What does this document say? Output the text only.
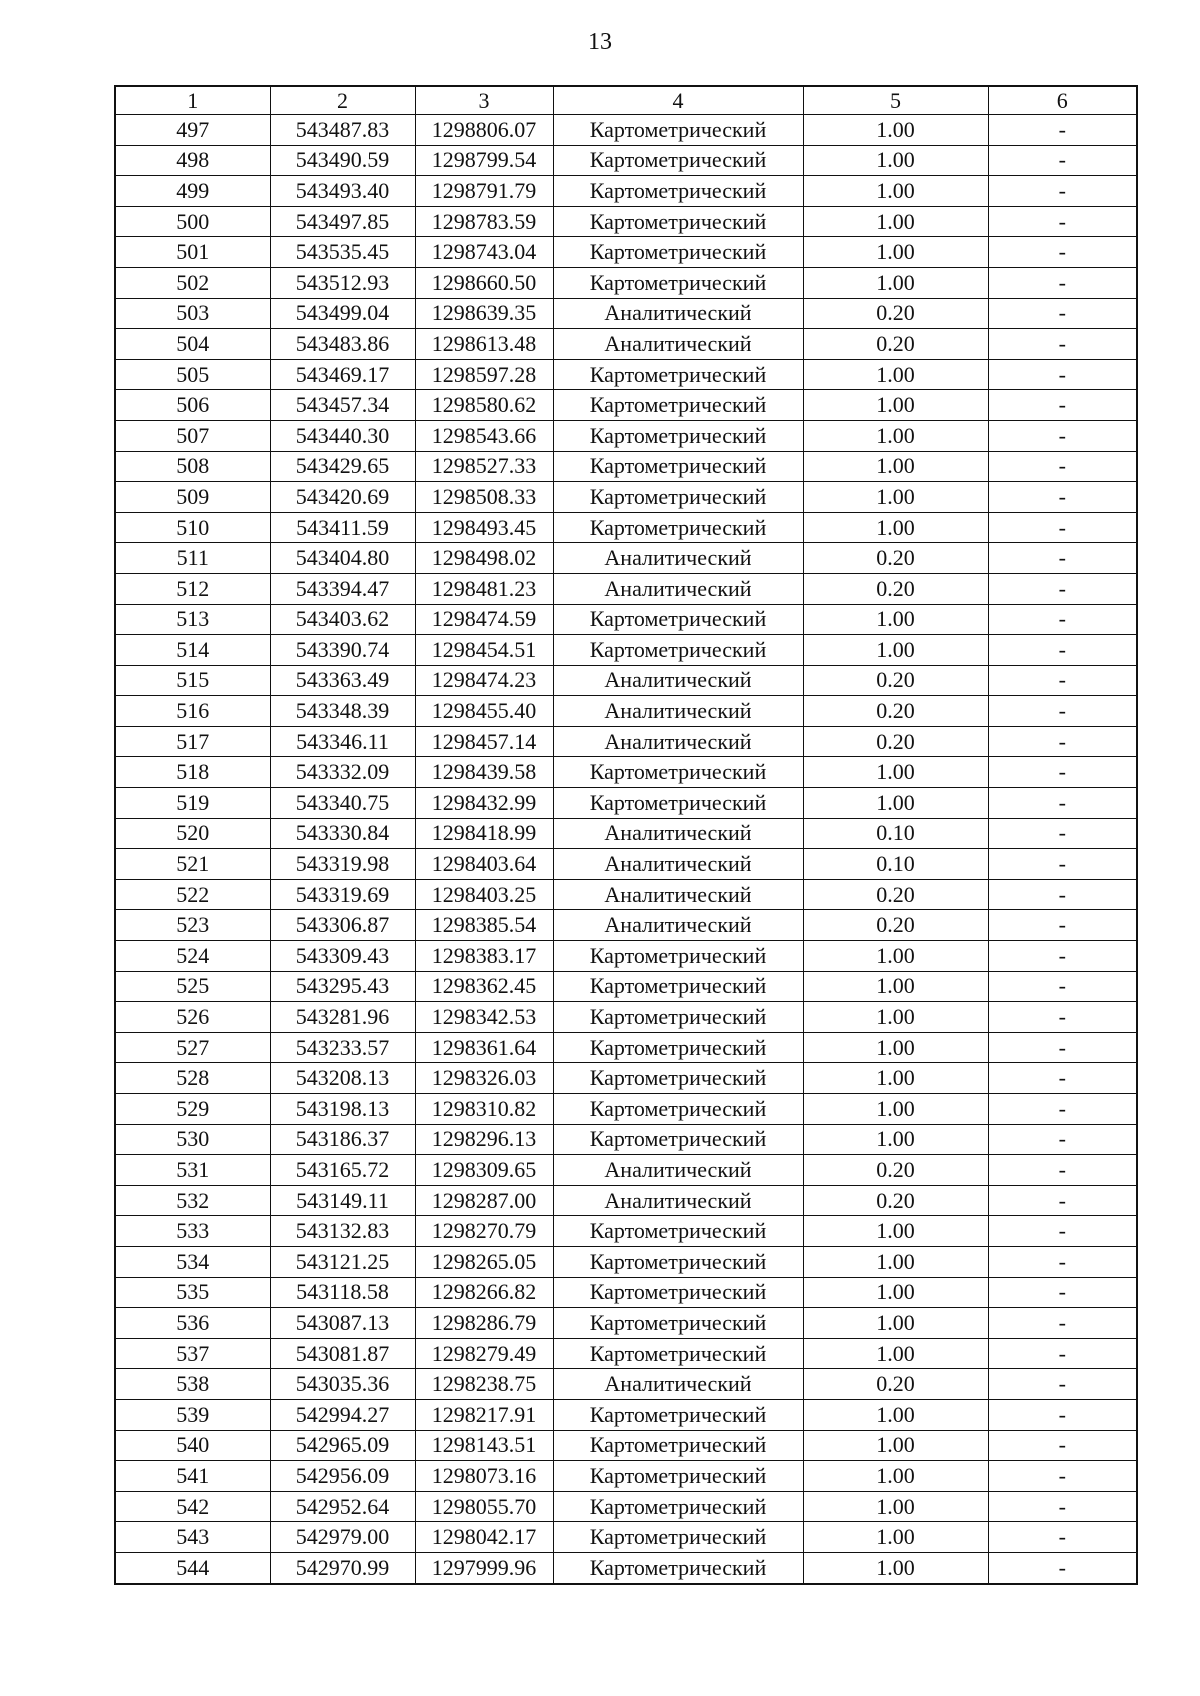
13
1	2	3	4	5	6
497	543487.83	1298806.07	Картометрический	1.00	-
498	543490.59	1298799.54	Картометрический	1.00	-
499	543493.40	1298791.79	Картометрический	1.00	-
500	543497.85	1298783.59	Картометрический	1.00	-
501	543535.45	1298743.04	Картометрический	1.00	-
502	543512.93	1298660.50	Картометрический	1.00	-
503	543499.04	1298639.35	Аналитический	0.20	-
504	543483.86	1298613.48	Аналитический	0.20	-
505	543469.17	1298597.28	Картометрический	1.00	-
506	543457.34	1298580.62	Картометрический	1.00	-
507	543440.30	1298543.66	Картометрический	1.00	-
508	543429.65	1298527.33	Картометрический	1.00	-
509	543420.69	1298508.33	Картометрический	1.00	-
510	543411.59	1298493.45	Картометрический	1.00	-
511	543404.80	1298498.02	Аналитический	0.20	-
512	543394.47	1298481.23	Аналитический	0.20	-
513	543403.62	1298474.59	Картометрический	1.00	-
514	543390.74	1298454.51	Картометрический	1.00	-
515	543363.49	1298474.23	Аналитический	0.20	-
516	543348.39	1298455.40	Аналитический	0.20	-
517	543346.11	1298457.14	Аналитический	0.20	-
518	543332.09	1298439.58	Картометрический	1.00	-
519	543340.75	1298432.99	Картометрический	1.00	-
520	543330.84	1298418.99	Аналитический	0.10	-
521	543319.98	1298403.64	Аналитический	0.10	-
522	543319.69	1298403.25	Аналитический	0.20	-
523	543306.87	1298385.54	Аналитический	0.20	-
524	543309.43	1298383.17	Картометрический	1.00	-
525	543295.43	1298362.45	Картометрический	1.00	-
526	543281.96	1298342.53	Картометрический	1.00	-
527	543233.57	1298361.64	Картометрический	1.00	-
528	543208.13	1298326.03	Картометрический	1.00	-
529	543198.13	1298310.82	Картометрический	1.00	-
530	543186.37	1298296.13	Картометрический	1.00	-
531	543165.72	1298309.65	Аналитический	0.20	-
532	543149.11	1298287.00	Аналитический	0.20	-
533	543132.83	1298270.79	Картометрический	1.00	-
534	543121.25	1298265.05	Картометрический	1.00	-
535	543118.58	1298266.82	Картометрический	1.00	-
536	543087.13	1298286.79	Картометрический	1.00	-
537	543081.87	1298279.49	Картометрический	1.00	-
538	543035.36	1298238.75	Аналитический	0.20	-
539	542994.27	1298217.91	Картометрический	1.00	-
540	542965.09	1298143.51	Картометрический	1.00	-
541	542956.09	1298073.16	Картометрический	1.00	-
542	542952.64	1298055.70	Картометрический	1.00	-
543	542979.00	1298042.17	Картометрический	1.00	-
544	542970.99	1297999.96	Картометрический	1.00	-
